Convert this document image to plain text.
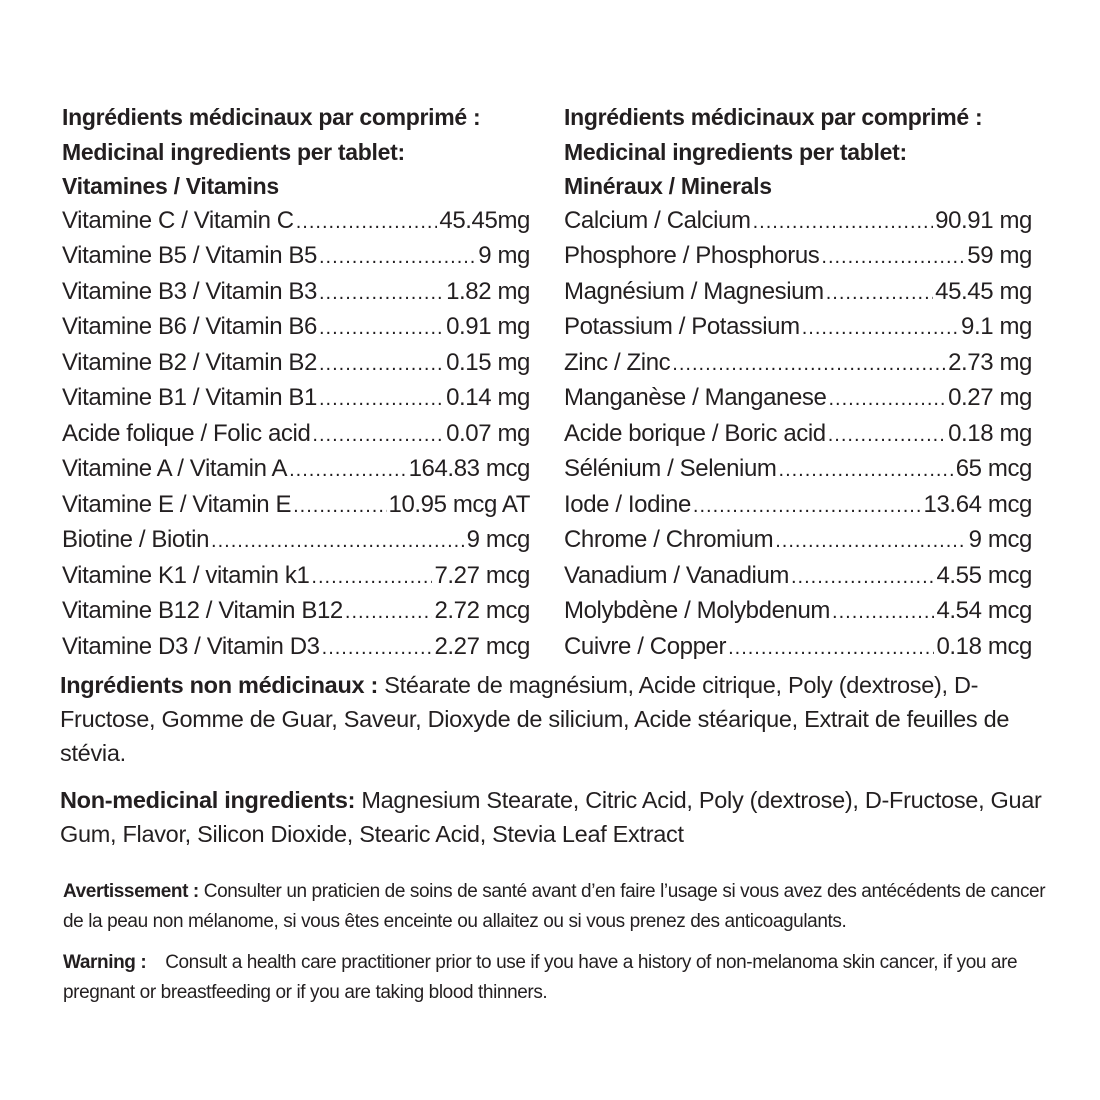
Ingrédients médicinaux par comprimé :
Medicinal ingredients per tablet:
Vitamines / Vitamins
Vitamine C / Vitamin C .....	45.45mg
Vitamine B5 / Vitamin B5 .....	9 mg
Vitamine B3 / Vitamin B3 .....	1.82 mg
Vitamine B6 / Vitamin B6 .....	0.91 mg
Vitamine B2 / Vitamin B2 .....	0.15 mg
Vitamine B1 / Vitamin B1 .....	0.14 mg
Acide folique / Folic acid .....	0.07 mg
Vitamine A / Vitamin A .....	164.83 mcg
Vitamine E / Vitamin E .....	10.95 mcg AT
Biotine / Biotin .....	9 mcg
Vitamine K1 / vitamin k1 .....	7.27 mcg
Vitamine B12 / Vitamin B12 .....	2.72 mcg
Vitamine D3 / Vitamin D3 .....	2.27 mcg
Ingrédients médicinaux par comprimé :
Medicinal ingredients per tablet:
Minéraux / Minerals
Calcium / Calcium .....	90.91 mg
Phosphore / Phosphorus .....	59 mg
Magnésium / Magnesium .....	45.45 mg
Potassium / Potassium .....	9.1 mg
Zinc / Zinc .....	2.73 mg
Manganèse / Manganese .....	0.27 mg
Acide borique / Boric acid .....	0.18 mg
Sélénium / Selenium .....	65 mcg
Iode / Iodine .....	13.64 mcg
Chrome / Chromium .....	9 mcg
Vanadium / Vanadium .....	4.55 mcg
Molybdène / Molybdenum .....	4.54 mcg
Cuivre / Copper .....	0.18 mcg
Ingrédients non médicinaux : Stéarate de magnésium, Acide citrique, Poly (dextrose), D-Fructose, Gomme de Guar, Saveur, Dioxyde de silicium, Acide stéarique, Extrait de feuilles de stévia.
Non-medicinal ingredients: Magnesium Stearate, Citric Acid, Poly (dextrose), D-Fructose, Guar Gum, Flavor, Silicon Dioxide, Stearic Acid, Stevia Leaf Extract
Avertissement : Consulter un praticien de soins de santé avant d’en faire l’usage si vous avez des antécédents de cancer de la peau non mélanome, si vous êtes enceinte ou allaitez ou si vous prenez des anticoagulants.
Warning : Consult a health care practitioner prior to use if you have a history of non-melanoma skin cancer, if you are pregnant or breastfeeding or if you are taking blood thinners.
